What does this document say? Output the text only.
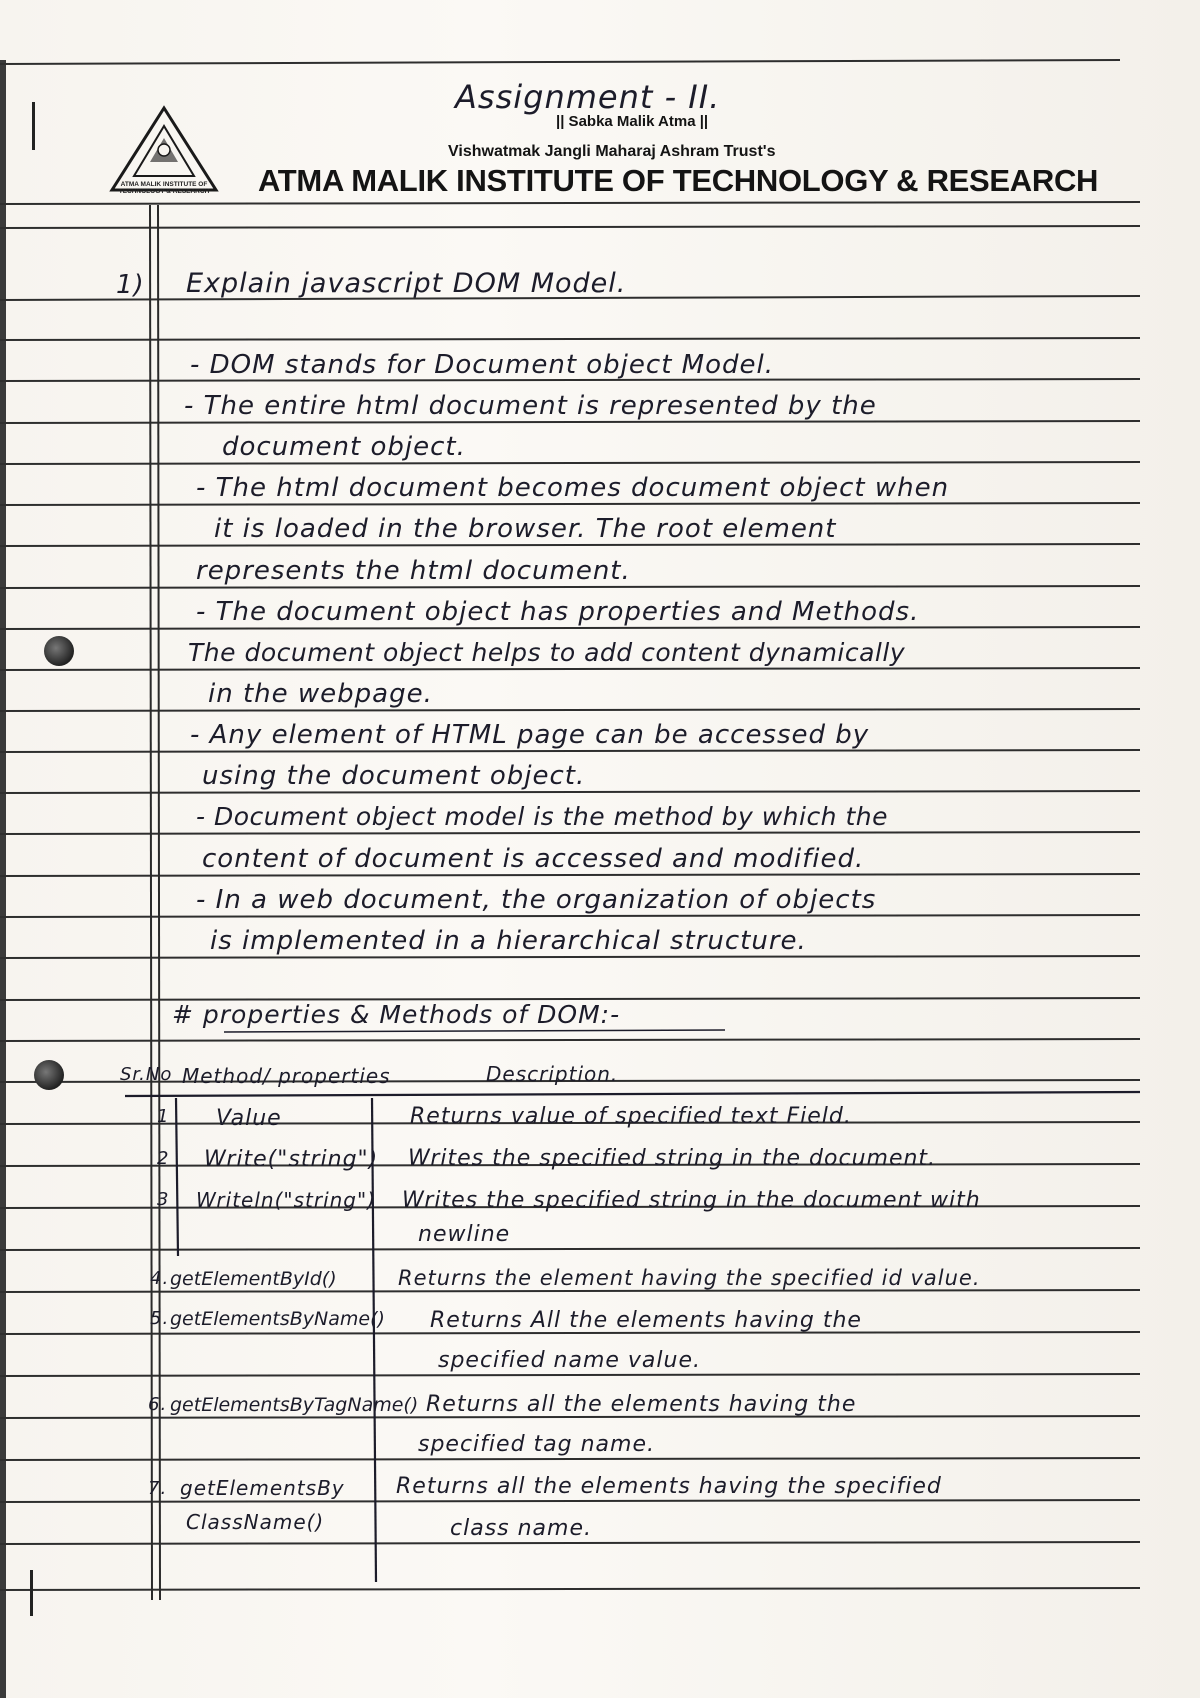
ATMA MALIK INSTITUTE OF TECHNOLOGY & RESEARCH
Assignment - II.
|| Sabka Malik Atma ||
Vishwatmak Jangli Maharaj Ashram Trust's
ATMA MALIK INSTITUTE OF TECHNOLOGY & RESEARCH
1) Explain javascript DOM Model.
- DOM stands for Document object Model.
- The entire html document is represented by the
document object.
- The html document becomes document object when
it is loaded in the browser. The root element
represents the html document.
- The document object has properties and Methods.
The document object helps to add content dynamically
in the webpage.
- Any element of HTML page can be accessed by
using the document object.
- Document object model is the method by which the
content of document is accessed and modified.
- In a web document, the organization of objects
is implemented in a hierarchical structure.
# properties & Methods of DOM:-
Sr.No Method/ properties	Description.
1 Value	Returns value of specified text Field.
2 Write("string") Writes the specified string in the document.
3 Writeln("string") Writes the specified string in the document with
newline
4. getElementById()	Returns the element having the specified id value.
5. getElementsByName() Returns All the elements having the
specified name value.
6. getElementsByTagName() Returns all the elements having the
specified tag name.
7. getElementsBy
ClassName()
Returns all the elements having the specified
class name.
